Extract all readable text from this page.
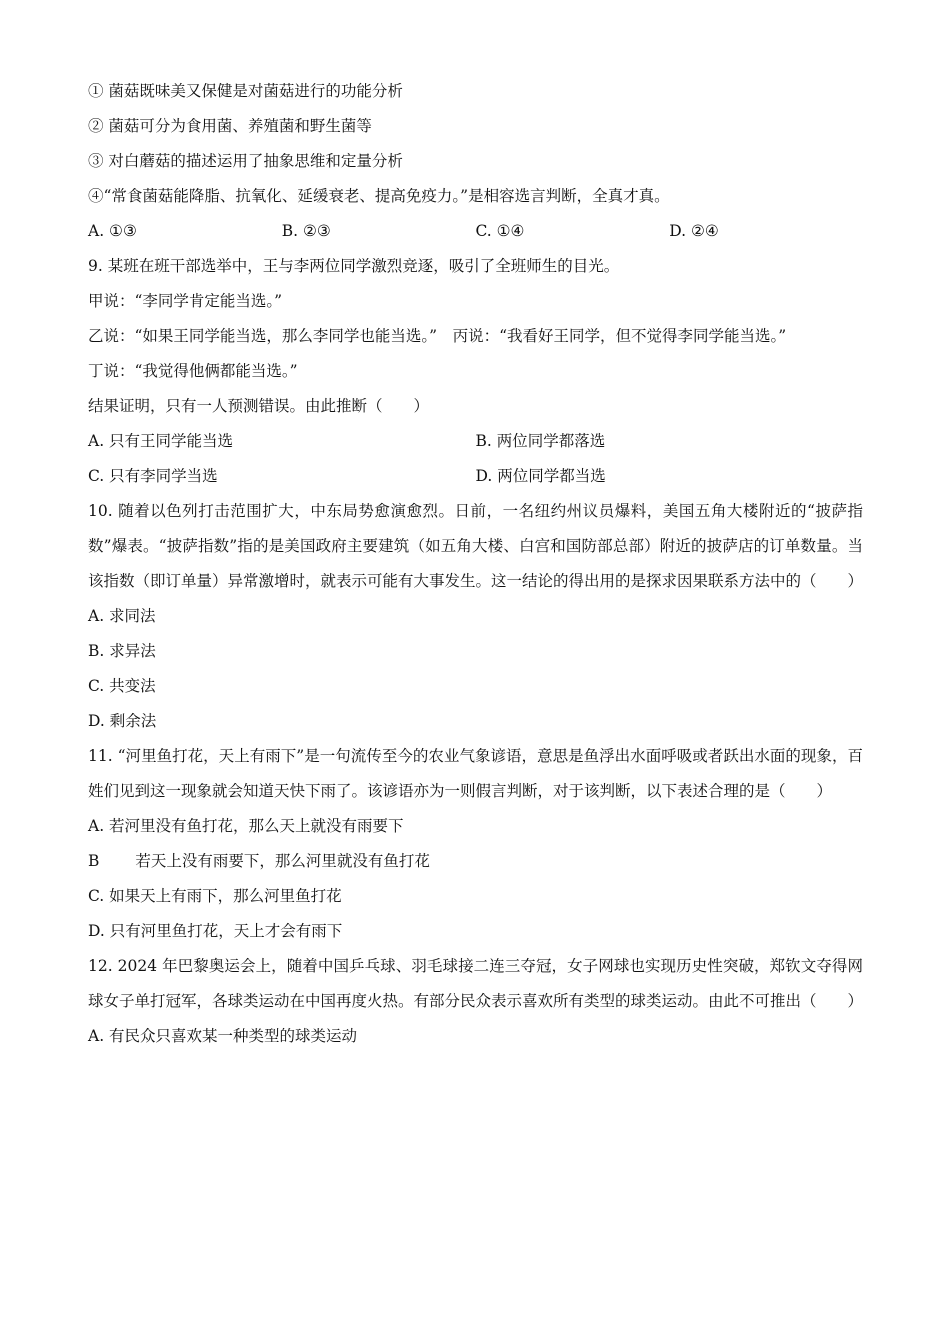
① 菌菇既味美又保健是对菌菇进行的功能分析
② 菌菇可分为食用菌、养殖菌和野生菌等
③ 对白蘑菇的描述运用了抽象思维和定量分析
④“常食菌菇能降脂、抗氧化、延缓衰老、提高免疫力。”是相容选言判断，全真才真。
A. ①③	B. ②③	C. ①④	D. ②④
9. 某班在班干部选举中，王与李两位同学激烈竞逐，吸引了全班师生的目光。
甲说：“李同学肯定能当选。”
乙说：“如果王同学能当选，那么李同学也能当选。”　丙说：“我看好王同学，但不觉得李同学能当选。”
丁说：“我觉得他俩都能当选。”
结果证明，只有一人预测错误。由此推断（　　）
A. 只有王同学能当选	B. 两位同学都落选
C. 只有李同学当选	D. 两位同学都当选
10. 随着以色列打击范围扩大，中东局势愈演愈烈。日前，一名纽约州议员爆料，美国五角大楼附近的“披萨指数”爆表。“披萨指数”指的是美国政府主要建筑（如五角大楼、白宫和国防部总部）附近的披萨店的订单数量。当该指数（即订单量）异常激增时，就表示可能有大事发生。这一结论的得出用的是探求因果联系方法中的（　　）
A. 求同法
B. 求异法
C. 共变法
D. 剩余法
11. “河里鱼打花，天上有雨下”是一句流传至今的农业气象谚语，意思是鱼浮出水面呼吸或者跃出水面的现象，百姓们见到这一现象就会知道天快下雨了。该谚语亦为一则假言判断，对于该判断，以下表述合理的是（　　）
A. 若河里没有鱼打花，那么天上就没有雨要下
B 若天上没有雨要下，那么河里就没有鱼打花
C. 如果天上有雨下，那么河里鱼打花
D. 只有河里鱼打花，天上才会有雨下
12. 2024 年巴黎奥运会上，随着中国乒乓球、羽毛球接二连三夺冠，女子网球也实现历史性突破，郑钦文夺得网球女子单打冠军，各球类运动在中国再度火热。有部分民众表示喜欢所有类型的球类运动。由此不可推出（　　）
A. 有民众只喜欢某一种类型的球类运动
